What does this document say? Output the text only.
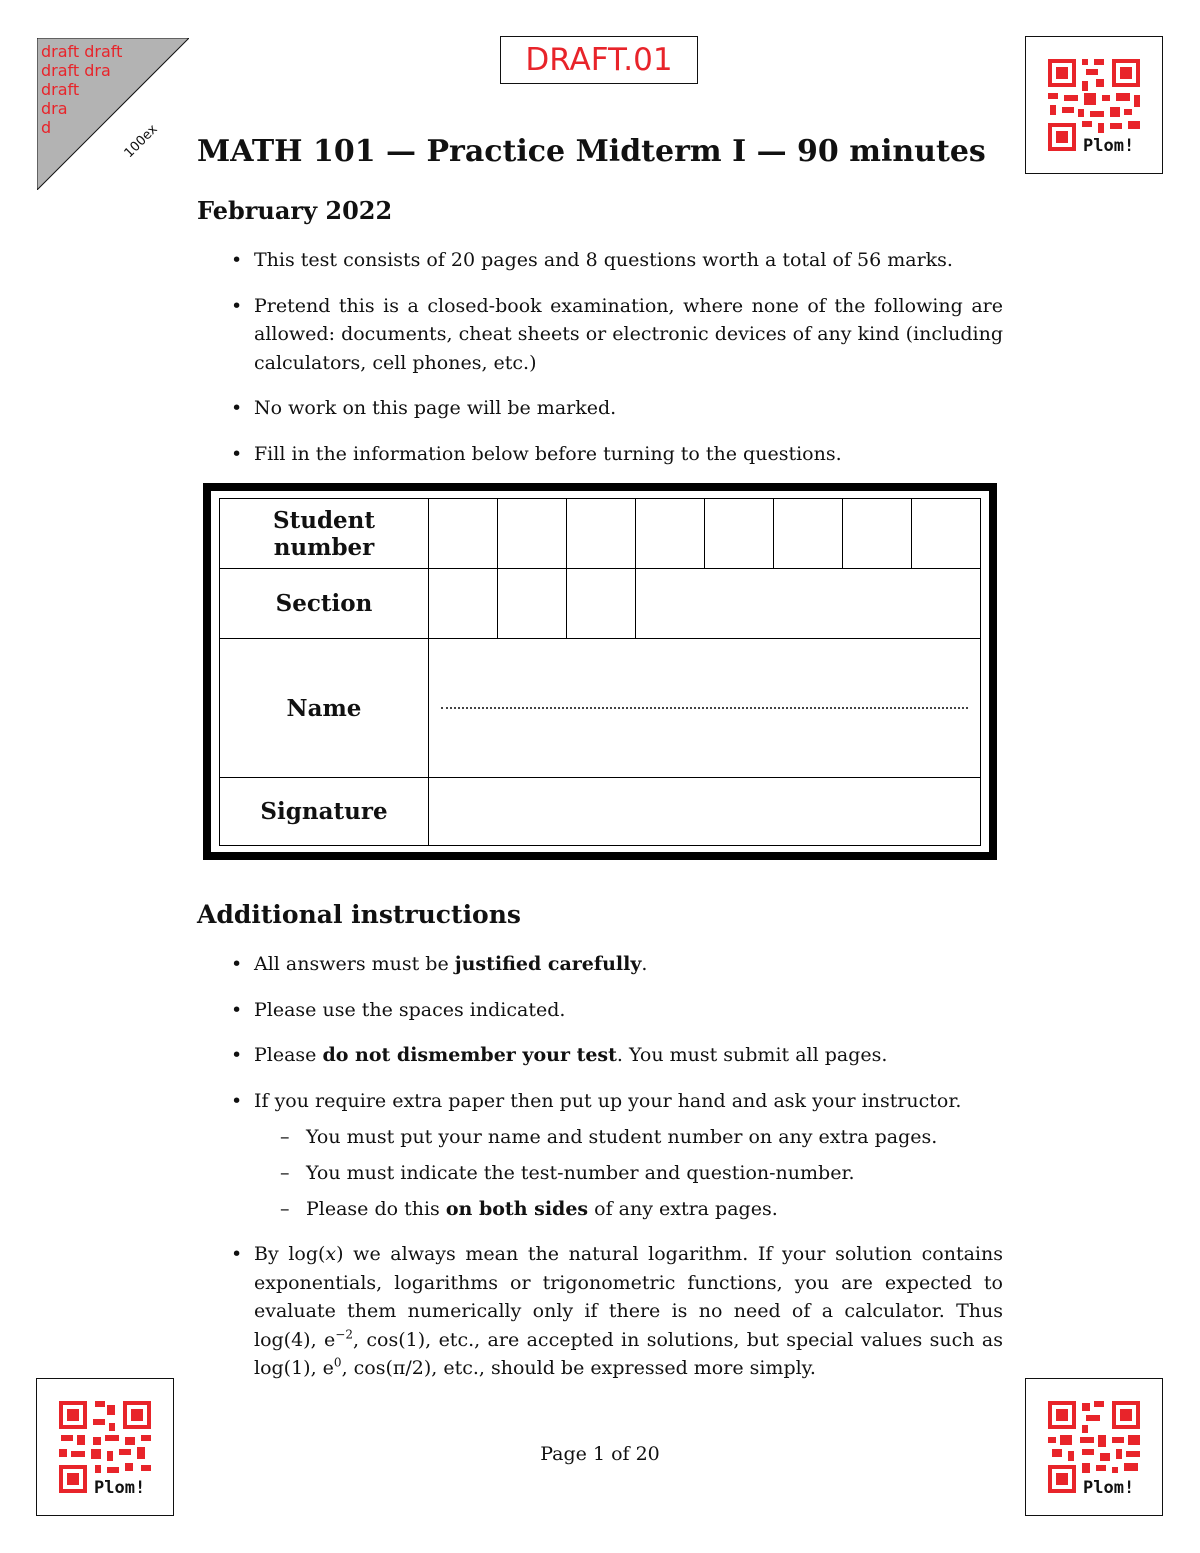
draft draft
draft dra
draft
dra
d	100ex
DRAFT.01
Plom!
Plom!	Plom!
MATH 101 — Practice Midterm I — 90 minutes
February 2022
• This test consists of 20 pages and 8 questions worth a total of 56 marks.
• Pretend this is a closed-book examination, where none of the following are allowed: documents, cheat sheets or electronic devices of any kind (including calculators, cell phones, etc.)
• No work on this page will be marked.
• Fill in the information below before turning to the questions.
Student number								
Section								
Name								

Signature								
Additional instructions
• All answers must be justified carefully.
• Please use the spaces indicated.
• Please do not dismember your test. You must submit all pages.
• If you require extra paper then put up your hand and ask your instructor.
– You must put your name and student number on any extra pages.
– You must indicate the test-number and question-number.
– Please do this on both sides of any extra pages.
• By log(x) we always mean the natural logarithm. If your solution contains exponentials, logarithms or trigonometric functions, you are expected to evaluate them numerically only if there is no need of a calculator. Thus log(4), $e^{-2}$, cos(1), etc., are accepted in solutions, but special values such as log(1), $e^0$, cos(π/2), etc., should be expressed more simply.
Page 1 of 20
